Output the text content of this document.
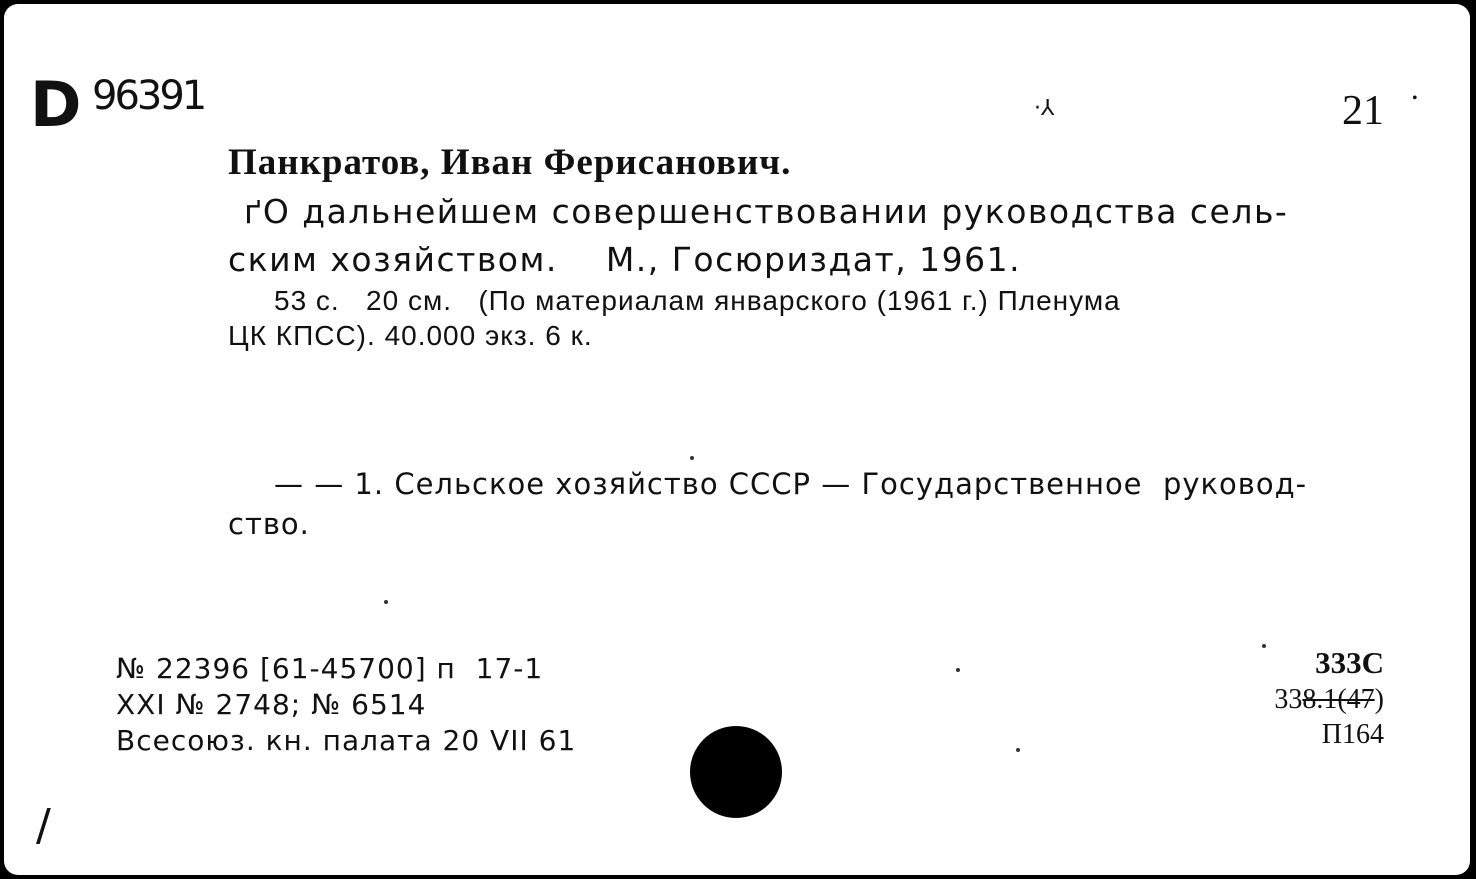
D 96391	·⅄	21 •
Панкратов, Иван Ферисанович.
ґО дальнейшем совершенствовании руководства сель-
ским хозяйством.    М., Госюриздат, 1961.
53 с.   20 см.   (По материалам январского (1961 г.) Пленума
ЦК КПСС). 40.000 экз. 6 к.
— — 1. Сельское хозяйство СССР — Государственное  руковод-
ство.
№ 22396 [61-45700] п  17-1
XXI № 2748; № 6514
Всесоюз. кн. палата 20 VII 61
333С
338.1(47)
П164
/
